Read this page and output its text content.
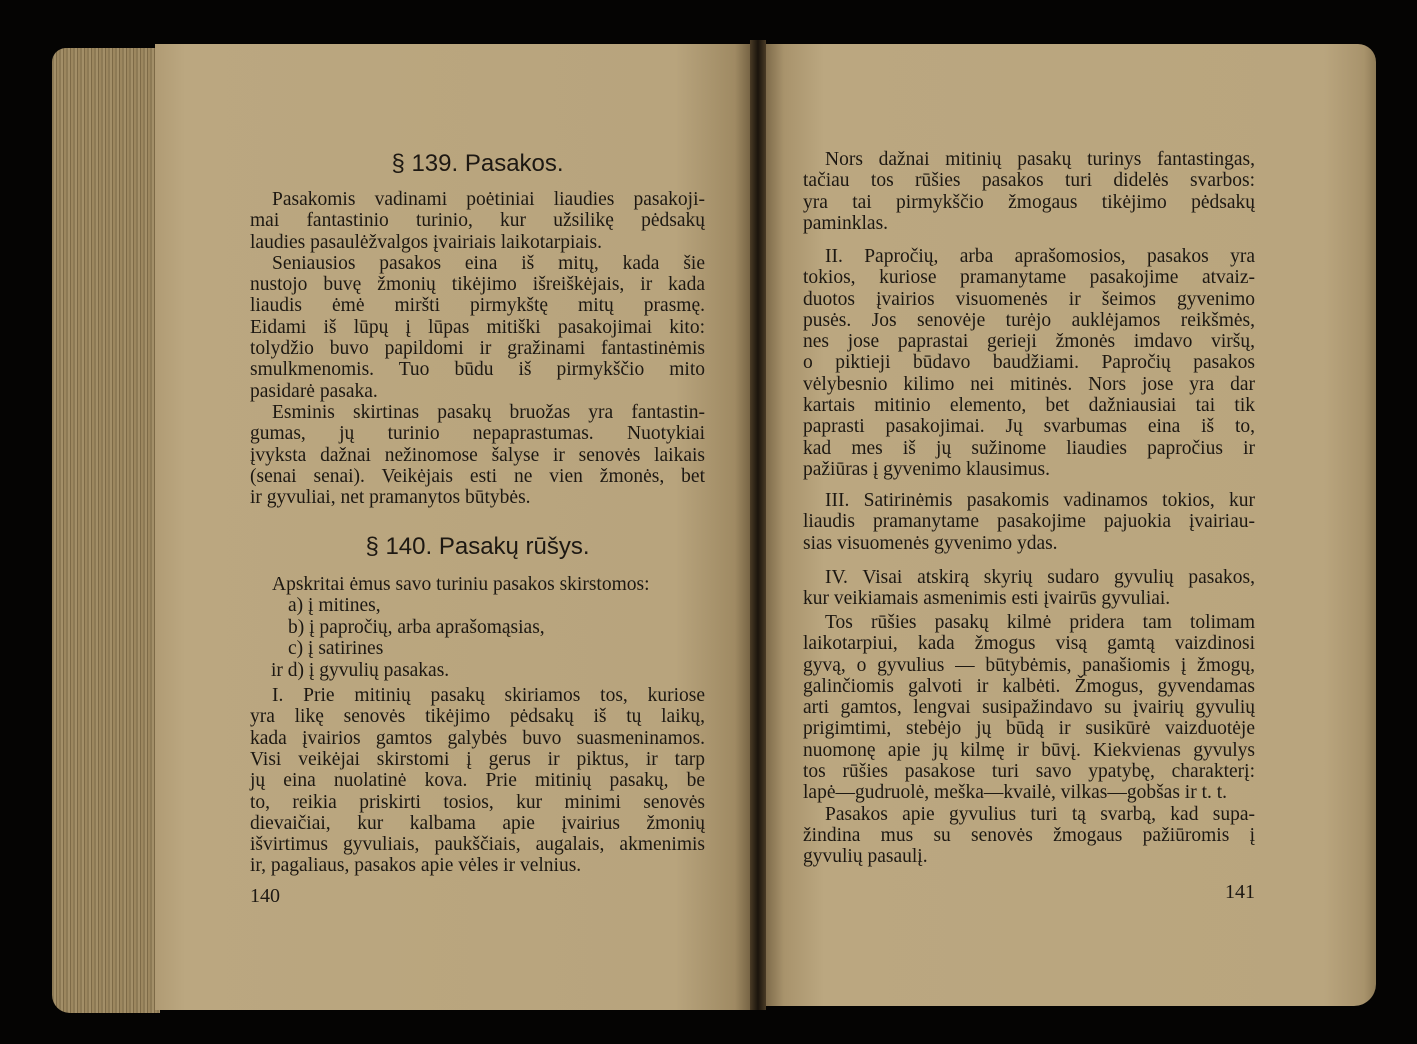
§ 139. Pasakos.
Pasakomis vadinami poėtiniai liaudies pasakoji-
mai fantastinio turinio, kur užsilikę pėdsakų
laudies pasaulėžvalgos įvairiais laikotarpiais.
Seniausios pasakos eina iš mitų, kada šie
nustojo buvę žmonių tikėjimo išreiškėjais, ir kada
liaudis ėmė miršti pirmykštę mitų prasmę.
Eidami iš lūpų į lūpas mitiški pasakojimai kito:
tolydžio buvo papildomi ir gražinami fantastinėmis
smulkmenomis. Tuo būdu iš pirmykščio mito
pasidarė pasaka.
Esminis skirtinas pasakų bruožas yra fantastin-
gumas, jų turinio nepaprastumas. Nuotykiai
įvyksta dažnai nežinomose šalyse ir senovės laikais
(senai senai). Veikėjais esti ne vien žmonės, bet
ir gyvuliai, net pramanytos būtybės.
§ 140. Pasakų rūšys.
Apskritai ėmus savo turiniu pasakos skirstomos:
a) į mitines,
b) į papročių, arba aprašomąsias,
c) į satirines
ir d) į gyvulių pasakas.
I. Prie mitinių pasakų skiriamos tos, kuriose
yra likę senovės tikėjimo pėdsakų iš tų laikų,
kada įvairios gamtos galybės buvo suasmeninamos.
Visi veikėjai skirstomi į gerus ir piktus, ir tarp
jų eina nuolatinė kova. Prie mitinių pasakų, be
to, reikia priskirti tosios, kur minimi senovės
dievaičiai, kur kalbama apie įvairius žmonių
išvirtimus gyvuliais, paukščiais, augalais, akmenimis
ir, pagaliaus, pasakos apie vėles ir velnius.
140
Nors dažnai mitinių pasakų turinys fantastingas,
tačiau tos rūšies pasakos turi didelės svarbos:
yra tai pirmykščio žmogaus tikėjimo pėdsakų
paminklas.
II. Papročių, arba aprašomosios, pasakos yra
tokios, kuriose pramanytame pasakojime atvaiz-
duotos įvairios visuomenės ir šeimos gyvenimo
pusės. Jos senovėje turėjo auklėjamos reikšmės,
nes jose paprastai gerieji žmonės imdavo viršų,
o piktieji būdavo baudžiami. Papročių pasakos
vėlybesnio kilimo nei mitinės. Nors jose yra dar
kartais mitinio elemento, bet dažniausiai tai tik
paprasti pasakojimai. Jų svarbumas eina iš to,
kad mes iš jų sužinome liaudies papročius ir
pažiūras į gyvenimo klausimus.
III. Satirinėmis pasakomis vadinamos tokios, kur
liaudis pramanytame pasakojime pajuokia įvairiau-
sias visuomenės gyvenimo ydas.
IV. Visai atskirą skyrių sudaro gyvulių pasakos,
kur veikiamais asmenimis esti įvairūs gyvuliai.
Tos rūšies pasakų kilmė pridera tam tolimam
laikotarpiui, kada žmogus visą gamtą vaizdinosi
gyvą, o gyvulius — būtybėmis, panašiomis į žmogų,
galinčiomis galvoti ir kalbėti. Žmogus, gyvendamas
arti gamtos, lengvai susipažindavo su įvairių gyvulių
prigimtimi, stebėjo jų būdą ir susikūrė vaizduotėje
nuomonę apie jų kilmę ir būvį. Kiekvienas gyvulys
tos rūšies pasakose turi savo ypatybę, charakterį:
lapė—gudruolė, meška—kvailė, vilkas—gobšas ir t. t.
Pasakos apie gyvulius turi tą svarbą, kad supa-
žindina mus su senovės žmogaus pažiūromis į
gyvulių pasaulį.
141
